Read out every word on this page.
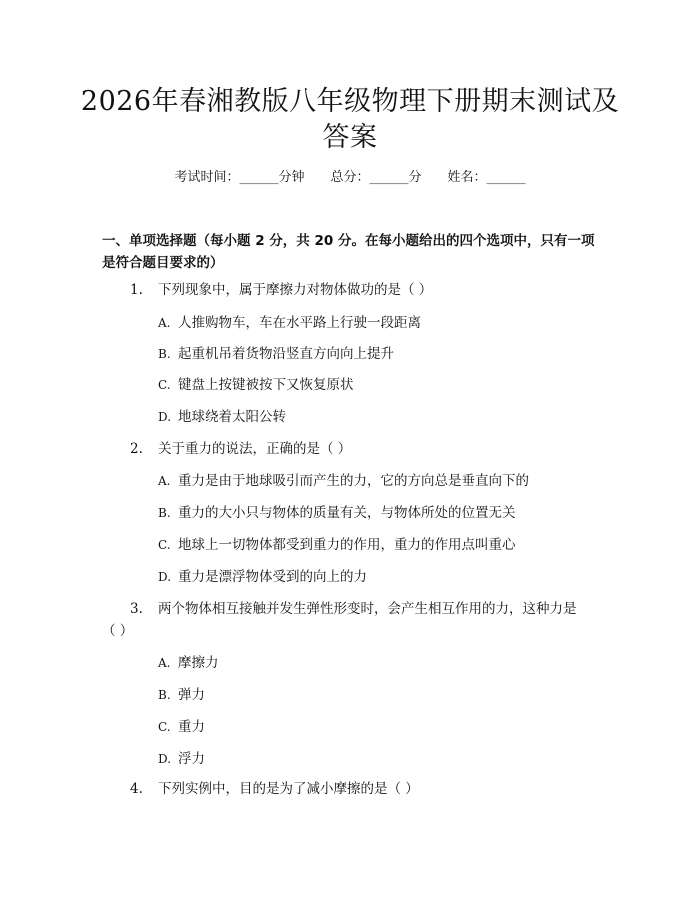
2026年春湘教版八年级物理下册期末测试及
答案
考试时间：______分钟 总分：______分 姓名：______
一、单项选择题（每小题 2 分，共 20 分。在每小题给出的四个选项中，只有一项是符合题目要求的）
1. 下列现象中，属于摩擦力对物体做功的是（ ）
A. 人推购物车，车在水平路上行驶一段距离
B. 起重机吊着货物沿竖直方向向上提升
C. 键盘上按键被按下又恢复原状
D. 地球绕着太阳公转
2. 关于重力的说法，正确的是（ ）
A. 重力是由于地球吸引而产生的力，它的方向总是垂直向下的
B. 重力的大小只与物体的质量有关，与物体所处的位置无关
C. 地球上一切物体都受到重力的作用，重力的作用点叫重心
D. 重力是漂浮物体受到的向上的力
3. 两个物体相互接触并发生弹性形变时，会产生相互作用的力，这种力是
（ ）
A. 摩擦力
B. 弹力
C. 重力
D. 浮力
4. 下列实例中，目的是为了减小摩擦的是（ ）
